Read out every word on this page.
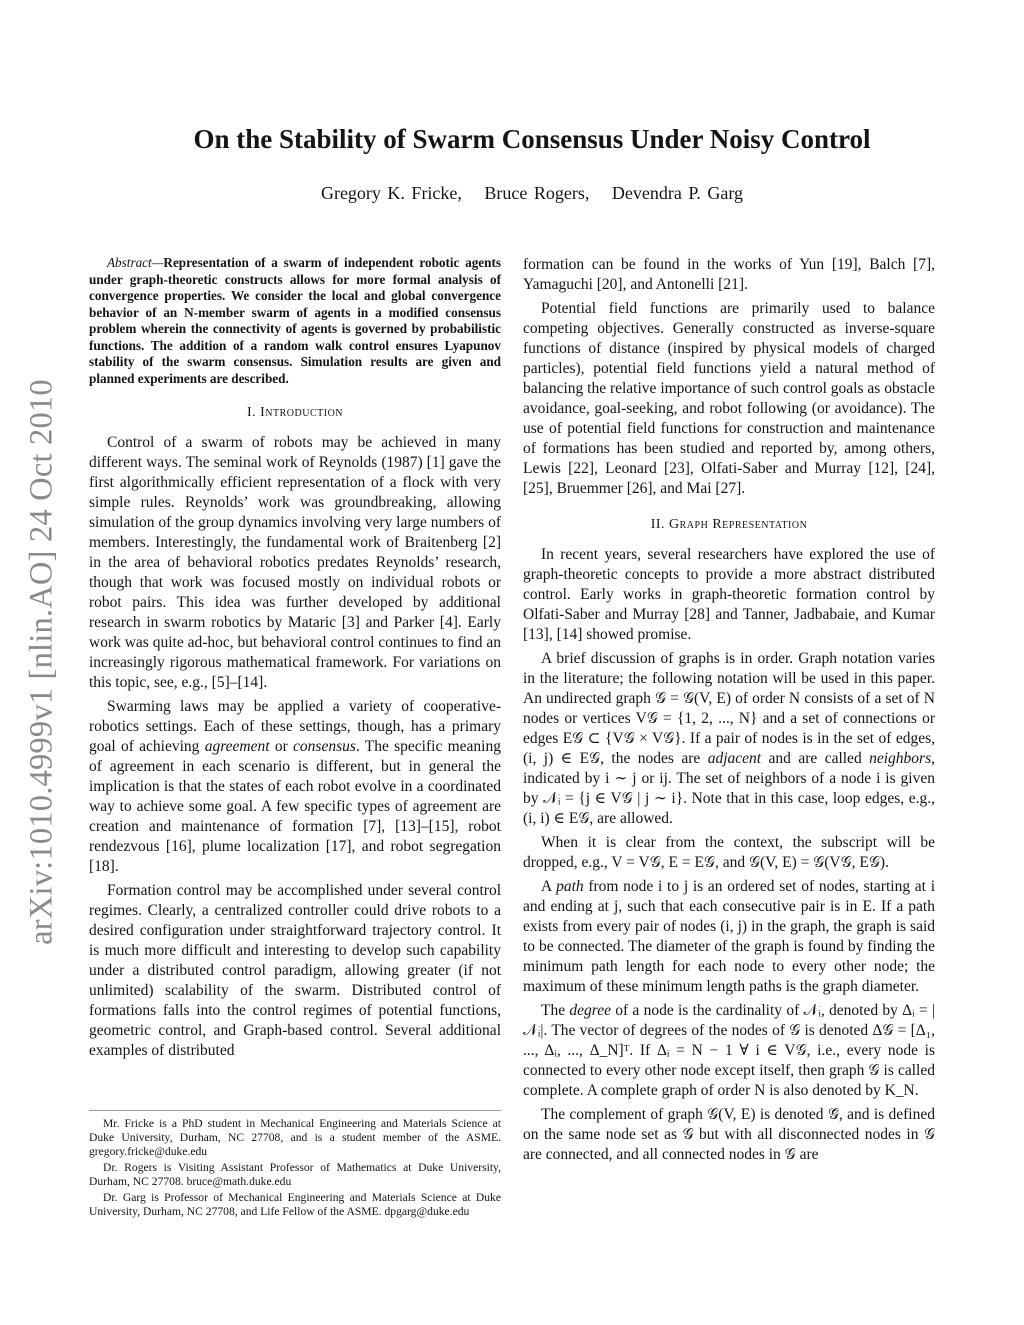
arXiv:1010.4999v1 [nlin.AO] 24 Oct 2010
On the Stability of Swarm Consensus Under Noisy Control
Gregory K. Fricke, Bruce Rogers, Devendra P. Garg

Abstract—Representation of a swarm of independent robotic agents under graph-theoretic constructs allows for more formal analysis of convergence properties. We consider the local and global convergence behavior of an N-member swarm of agents in a modified consensus problem wherein the connectivity of agents is governed by probabilistic functions. The addition of a random walk control ensures Lyapunov stability of the swarm consensus. Simulation results are given and planned experiments are described.

I. Introduction

Control of a swarm of robots may be achieved in many different ways. The seminal work of Reynolds (1987) [1] gave the first algorithmically efficient representation of a flock with very simple rules. Reynolds’ work was groundbreaking, allowing simulation of the group dynamics involving very large numbers of members. Interestingly, the fundamental work of Braitenberg [2] in the area of behavioral robotics predates Reynolds’ research, though that work was focused mostly on individual robots or robot pairs. This idea was further developed by additional research in swarm robotics by Mataric [3] and Parker [4]. Early work was quite ad-hoc, but behavioral control continues to find an increasingly rigorous mathematical framework. For variations on this topic, see, e.g., [5]–[14].

Swarming laws may be applied a variety of cooperative-robotics settings. Each of these settings, though, has a primary goal of achieving agreement or consensus. The specific meaning of agreement in each scenario is different, but in general the implication is that the states of each robot evolve in a coordinated way to achieve some goal. A few specific types of agreement are creation and maintenance of formation [7], [13]–[15], robot rendezvous [16], plume localization [17], and robot segregation [18].

Formation control may be accomplished under several control regimes. Clearly, a centralized controller could drive robots to a desired configuration under straightforward trajectory control. It is much more difficult and interesting to develop such capability under a distributed control paradigm, allowing greater (if not unlimited) scalability of the swarm. Distributed control of formations falls into the control regimes of potential functions, geometric control, and Graph-based control. Several additional examples of distributed

Mr. Fricke is a PhD student in Mechanical Engineering and Materials Science at Duke University, Durham, NC 27708, and is a student member of the ASME. gregory.fricke@duke.edu

Dr. Rogers is Visiting Assistant Professor of Mathematics at Duke University, Durham, NC 27708. bruce@math.duke.edu

Dr. Garg is Professor of Mechanical Engineering and Materials Science at Duke University, Durham, NC 27708, and Life Fellow of the ASME. dpgarg@duke.edu

formation can be found in the works of Yun [19], Balch [7], Yamaguchi [20], and Antonelli [21].

Potential field functions are primarily used to balance competing objectives. Generally constructed as inverse-square functions of distance (inspired by physical models of charged particles), potential field functions yield a natural method of balancing the relative importance of such control goals as obstacle avoidance, goal-seeking, and robot following (or avoidance). The use of potential field functions for construction and maintenance of formations has been studied and reported by, among others, Lewis [22], Leonard [23], Olfati-Saber and Murray [12], [24], [25], Bruemmer [26], and Mai [27].

II. Graph Representation

In recent years, several researchers have explored the use of graph-theoretic concepts to provide a more abstract distributed control. Early works in graph-theoretic formation control by Olfati-Saber and Murray [28] and Tanner, Jadbabaie, and Kumar [13], [14] showed promise.

A brief discussion of graphs is in order. Graph notation varies in the literature; the following notation will be used in this paper. An undirected graph 𝒢 = 𝒢(V, E) of order N consists of a set of N nodes or vertices V𝒢 = {1, 2, ..., N} and a set of connections or edges E𝒢 ⊂ {V𝒢 × V𝒢}. If a pair of nodes is in the set of edges, (i, j) ∈ E𝒢, the nodes are adjacent and are called neighbors, indicated by i ∼ j or ij. The set of neighbors of a node i is given by 𝒩ᵢ = {j ∈ V𝒢 | j ∼ i}. Note that in this case, loop edges, e.g., (i, i) ∈ E𝒢, are allowed.

When it is clear from the context, the subscript will be dropped, e.g., V = V𝒢, E = E𝒢, and 𝒢(V, E) = 𝒢(V𝒢, E𝒢).

A path from node i to j is an ordered set of nodes, starting at i and ending at j, such that each consecutive pair is in E. If a path exists from every pair of nodes (i, j) in the graph, the graph is said to be connected. The diameter of the graph is found by finding the minimum path length for each node to every other node; the maximum of these minimum length paths is the graph diameter.

The degree of a node is the cardinality of 𝒩ᵢ, denoted by Δᵢ = |𝒩ᵢ|. The vector of degrees of the nodes of 𝒢 is denoted Δ𝒢 = [Δ₁, ..., Δᵢ, ..., Δ_N]ᵀ. If Δᵢ = N − 1 ∀ i ∈ V𝒢, i.e., every node is connected to every other node except itself, then graph 𝒢 is called complete. A complete graph of order N is also denoted by K_N.

The complement of graph 𝒢(V, E) is denoted 𝒢̄, and is defined on the same node set as 𝒢 but with all disconnected nodes in 𝒢 are connected, and all connected nodes in 𝒢 are
